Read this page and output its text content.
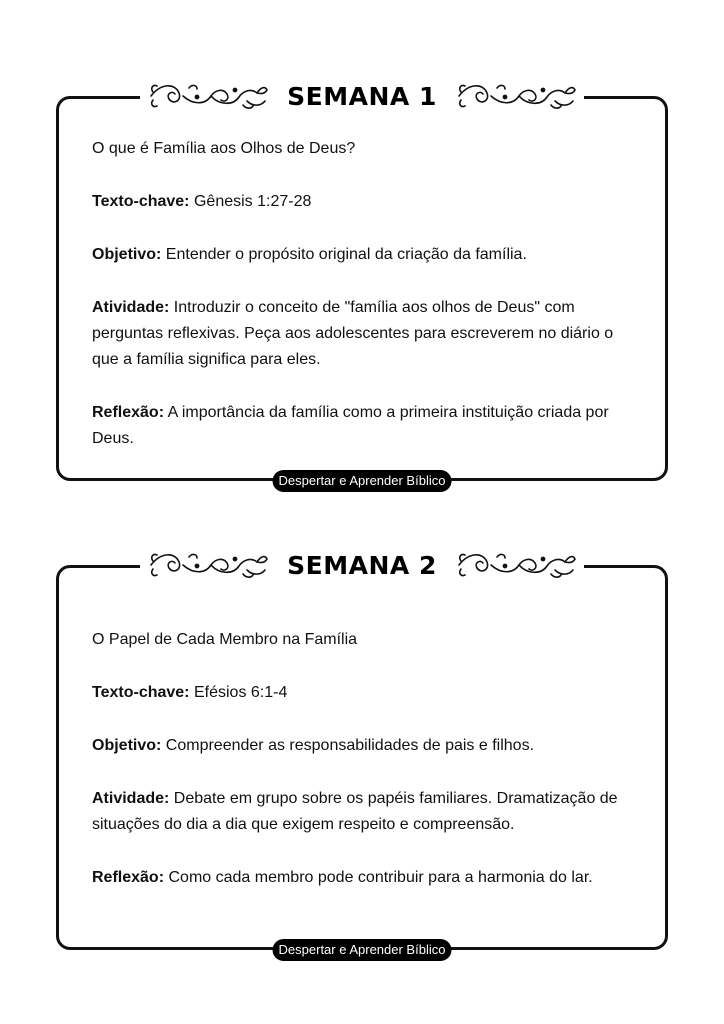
SEMANA 1

O que é Família aos Olhos de Deus?

Texto-chave: Gênesis 1:27-28

Objetivo: Entender o propósito original da criação da família.

Atividade: Introduzir o conceito de "família aos olhos de Deus" com perguntas reflexivas. Peça aos adolescentes para escreverem no diário o que a família significa para eles.

Reflexão: A importância da família como a primeira instituição criada por Deus.

Despertar e Aprender Bíblico
SEMANA 2

O Papel de Cada Membro na Família

Texto-chave: Efésios 6:1-4

Objetivo: Compreender as responsabilidades de pais e filhos.

Atividade: Debate em grupo sobre os papéis familiares. Dramatização de situações do dia a dia que exigem respeito e compreensão.

Reflexão: Como cada membro pode contribuir para a harmonia do lar.

Despertar e Aprender Bíblico
